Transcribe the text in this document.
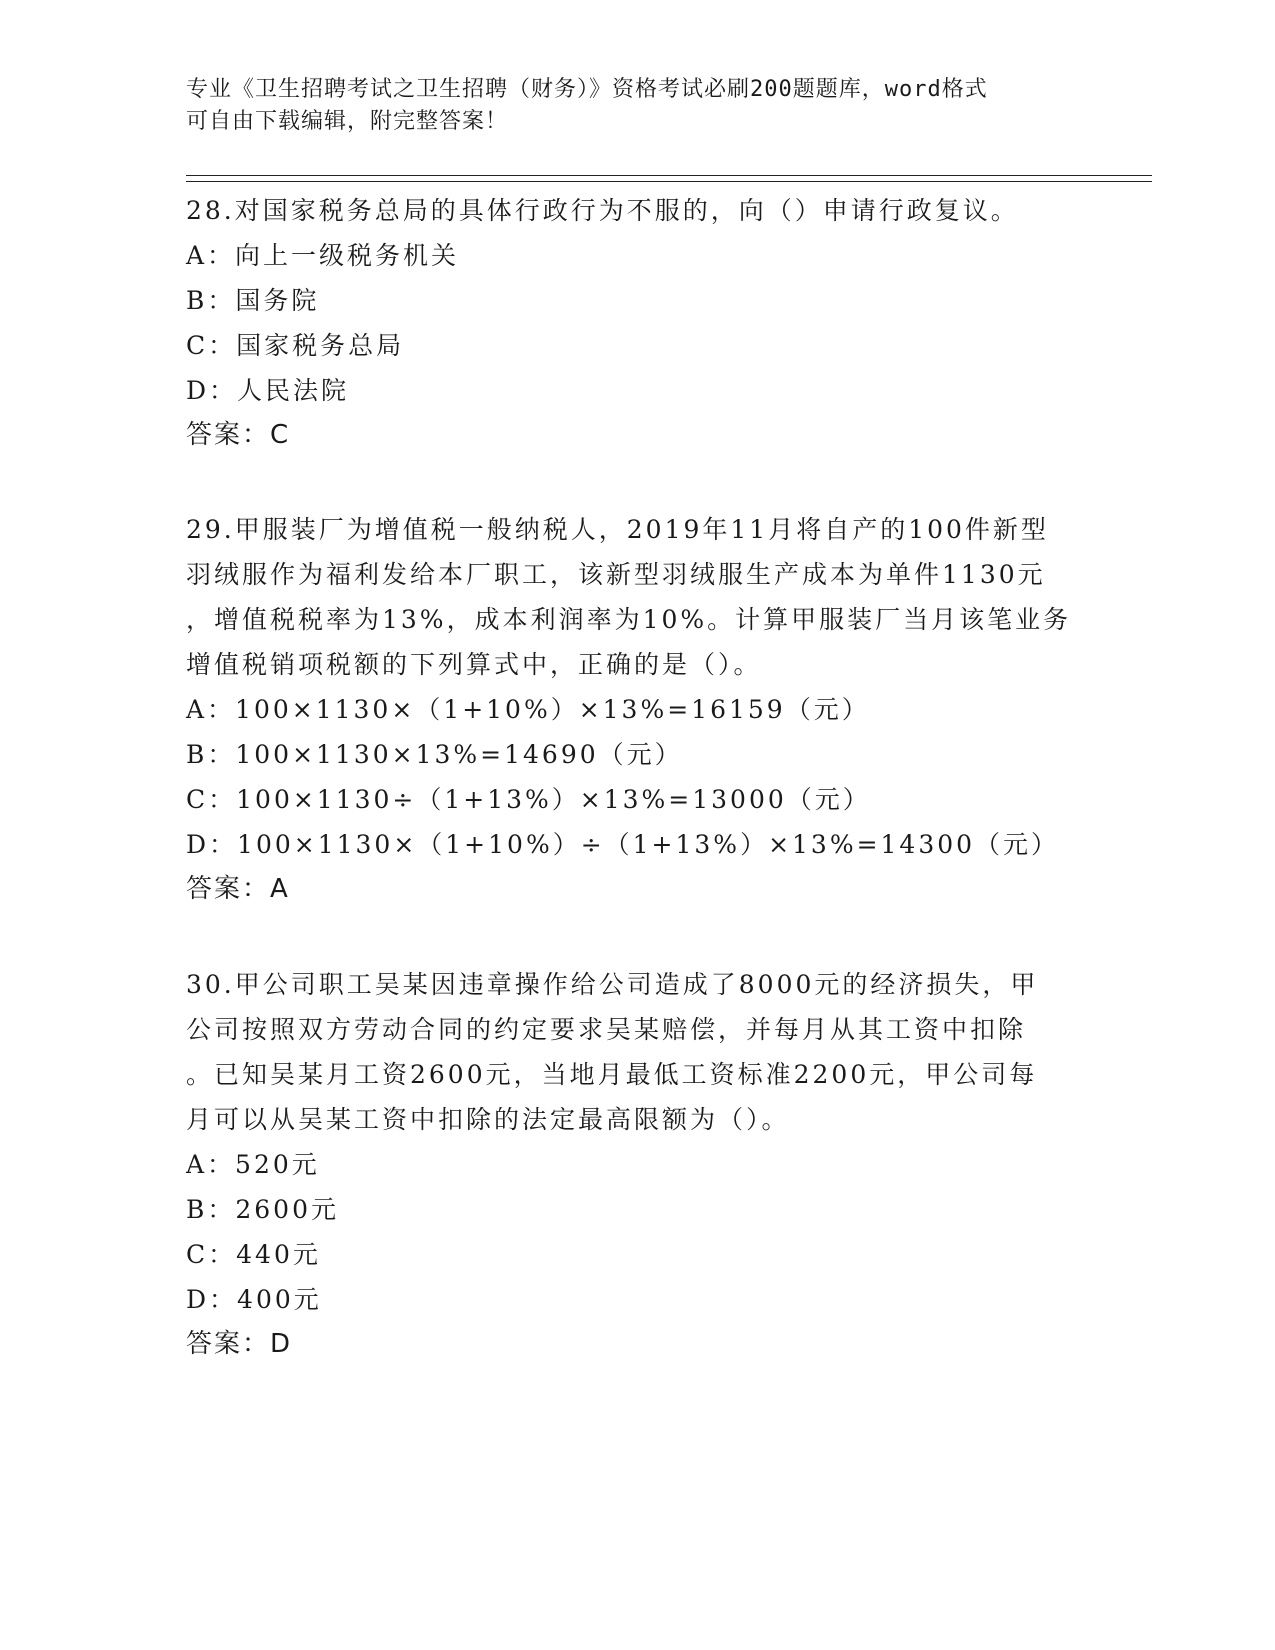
专业《卫生招聘考试之卫生招聘（财务）》资格考试必刷200题题库，word格式
可自由下载编辑，附完整答案！
28.对国家税务总局的具体行政行为不服的，向（）申请行政复议。
A：向上一级税务机关
B：国务院
C：国家税务总局
D：人民法院
答案：C
29.甲服装厂为增值税一般纳税人，2019年11月将自产的100件新型
羽绒服作为福利发给本厂职工，该新型羽绒服生产成本为单件1130元
，增值税税率为13%，成本利润率为10%。计算甲服装厂当月该笔业务
增值税销项税额的下列算式中，正确的是（）。
A：100×1130×（1+10%）×13%=16159（元）
B：100×1130×13%=14690（元）
C：100×1130÷（1+13%）×13%=13000（元）
D：100×1130×（1+10%）÷（1+13%）×13%=14300（元）
答案：A
30.甲公司职工吴某因违章操作给公司造成了8000元的经济损失，甲
公司按照双方劳动合同的约定要求吴某赔偿，并每月从其工资中扣除
。已知吴某月工资2600元，当地月最低工资标准2200元，甲公司每
月可以从吴某工资中扣除的法定最高限额为（）。
A：520元
B：2600元
C：440元
D：400元
答案：D
